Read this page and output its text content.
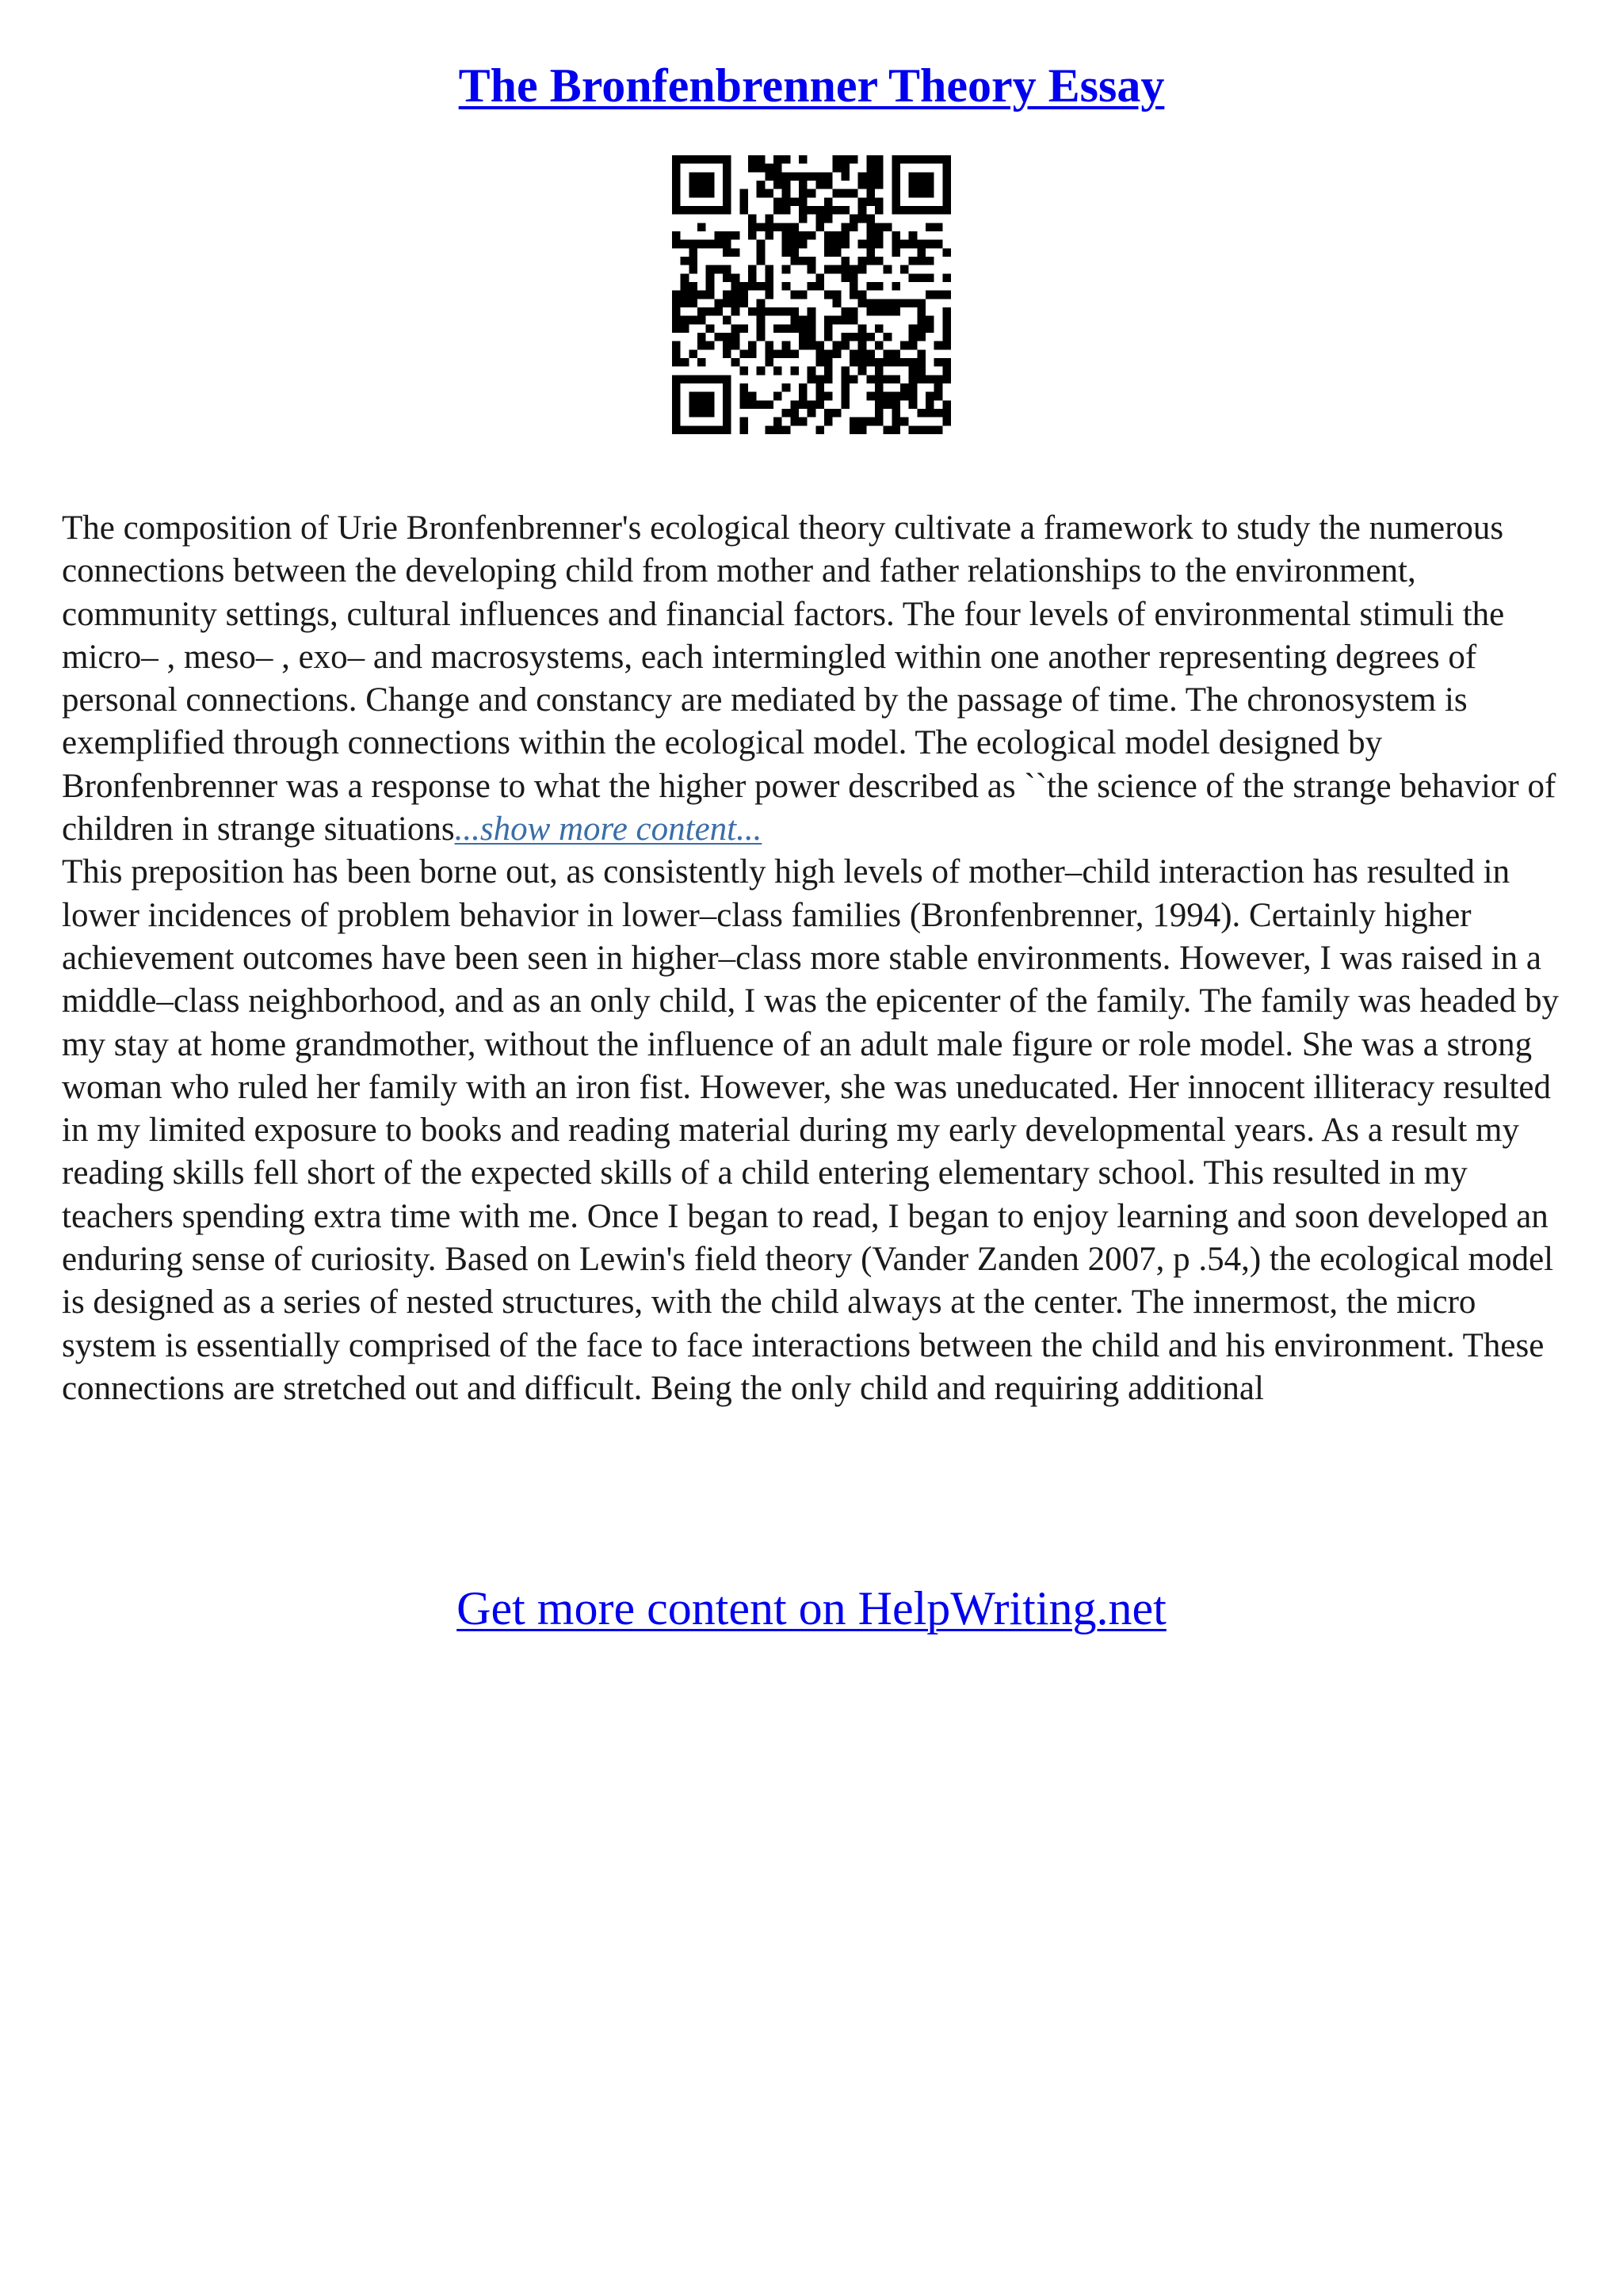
The Bronfenbrenner Theory Essay

The composition of Urie Bronfenbrenner's ecological theory cultivate a framework to study the numerous connections between the developing child from mother and father relationships to the environment, community settings, cultural influences and financial factors. The four levels of environmental stimuli the micro– , meso– , exo– and macrosystems, each intermingled within one another representing degrees of personal connections. Change and constancy are mediated by the passage of time. The chronosystem is exemplified through connections within the ecological model. The ecological model designed by Bronfenbrenner was a response to what the higher power described as ``the science of the strange behavior of children in strange situations...show more content...

This preposition has been borne out, as consistently high levels of mother–child interaction has resulted in lower incidences of problem behavior in lower–class families (Bronfenbrenner, 1994). Certainly higher achievement outcomes have been seen in higher–class more stable environments. However, I was raised in a middle–class neighborhood, and as an only child, I was the epicenter of the family. The family was headed by my stay at home grandmother, without the influence of an adult male figure or role model. She was a strong woman who ruled her family with an iron fist. However, she was uneducated. Her innocent illiteracy resulted in my limited exposure to books and reading material during my early developmental years. As a result my reading skills fell short of the expected skills of a child entering elementary school. This resulted in my teachers spending extra time with me. Once I began to read, I began to enjoy learning and soon developed an enduring sense of curiosity. Based on Lewin's field theory (Vander Zanden 2007, p .54,) the ecological model is designed as a series of nested structures, with the child always at the center. The innermost, the micro system is essentially comprised of the face to face interactions between the child and his environment. These connections are stretched out and difficult. Being the only child and requiring additional

Get more content on HelpWriting.net
